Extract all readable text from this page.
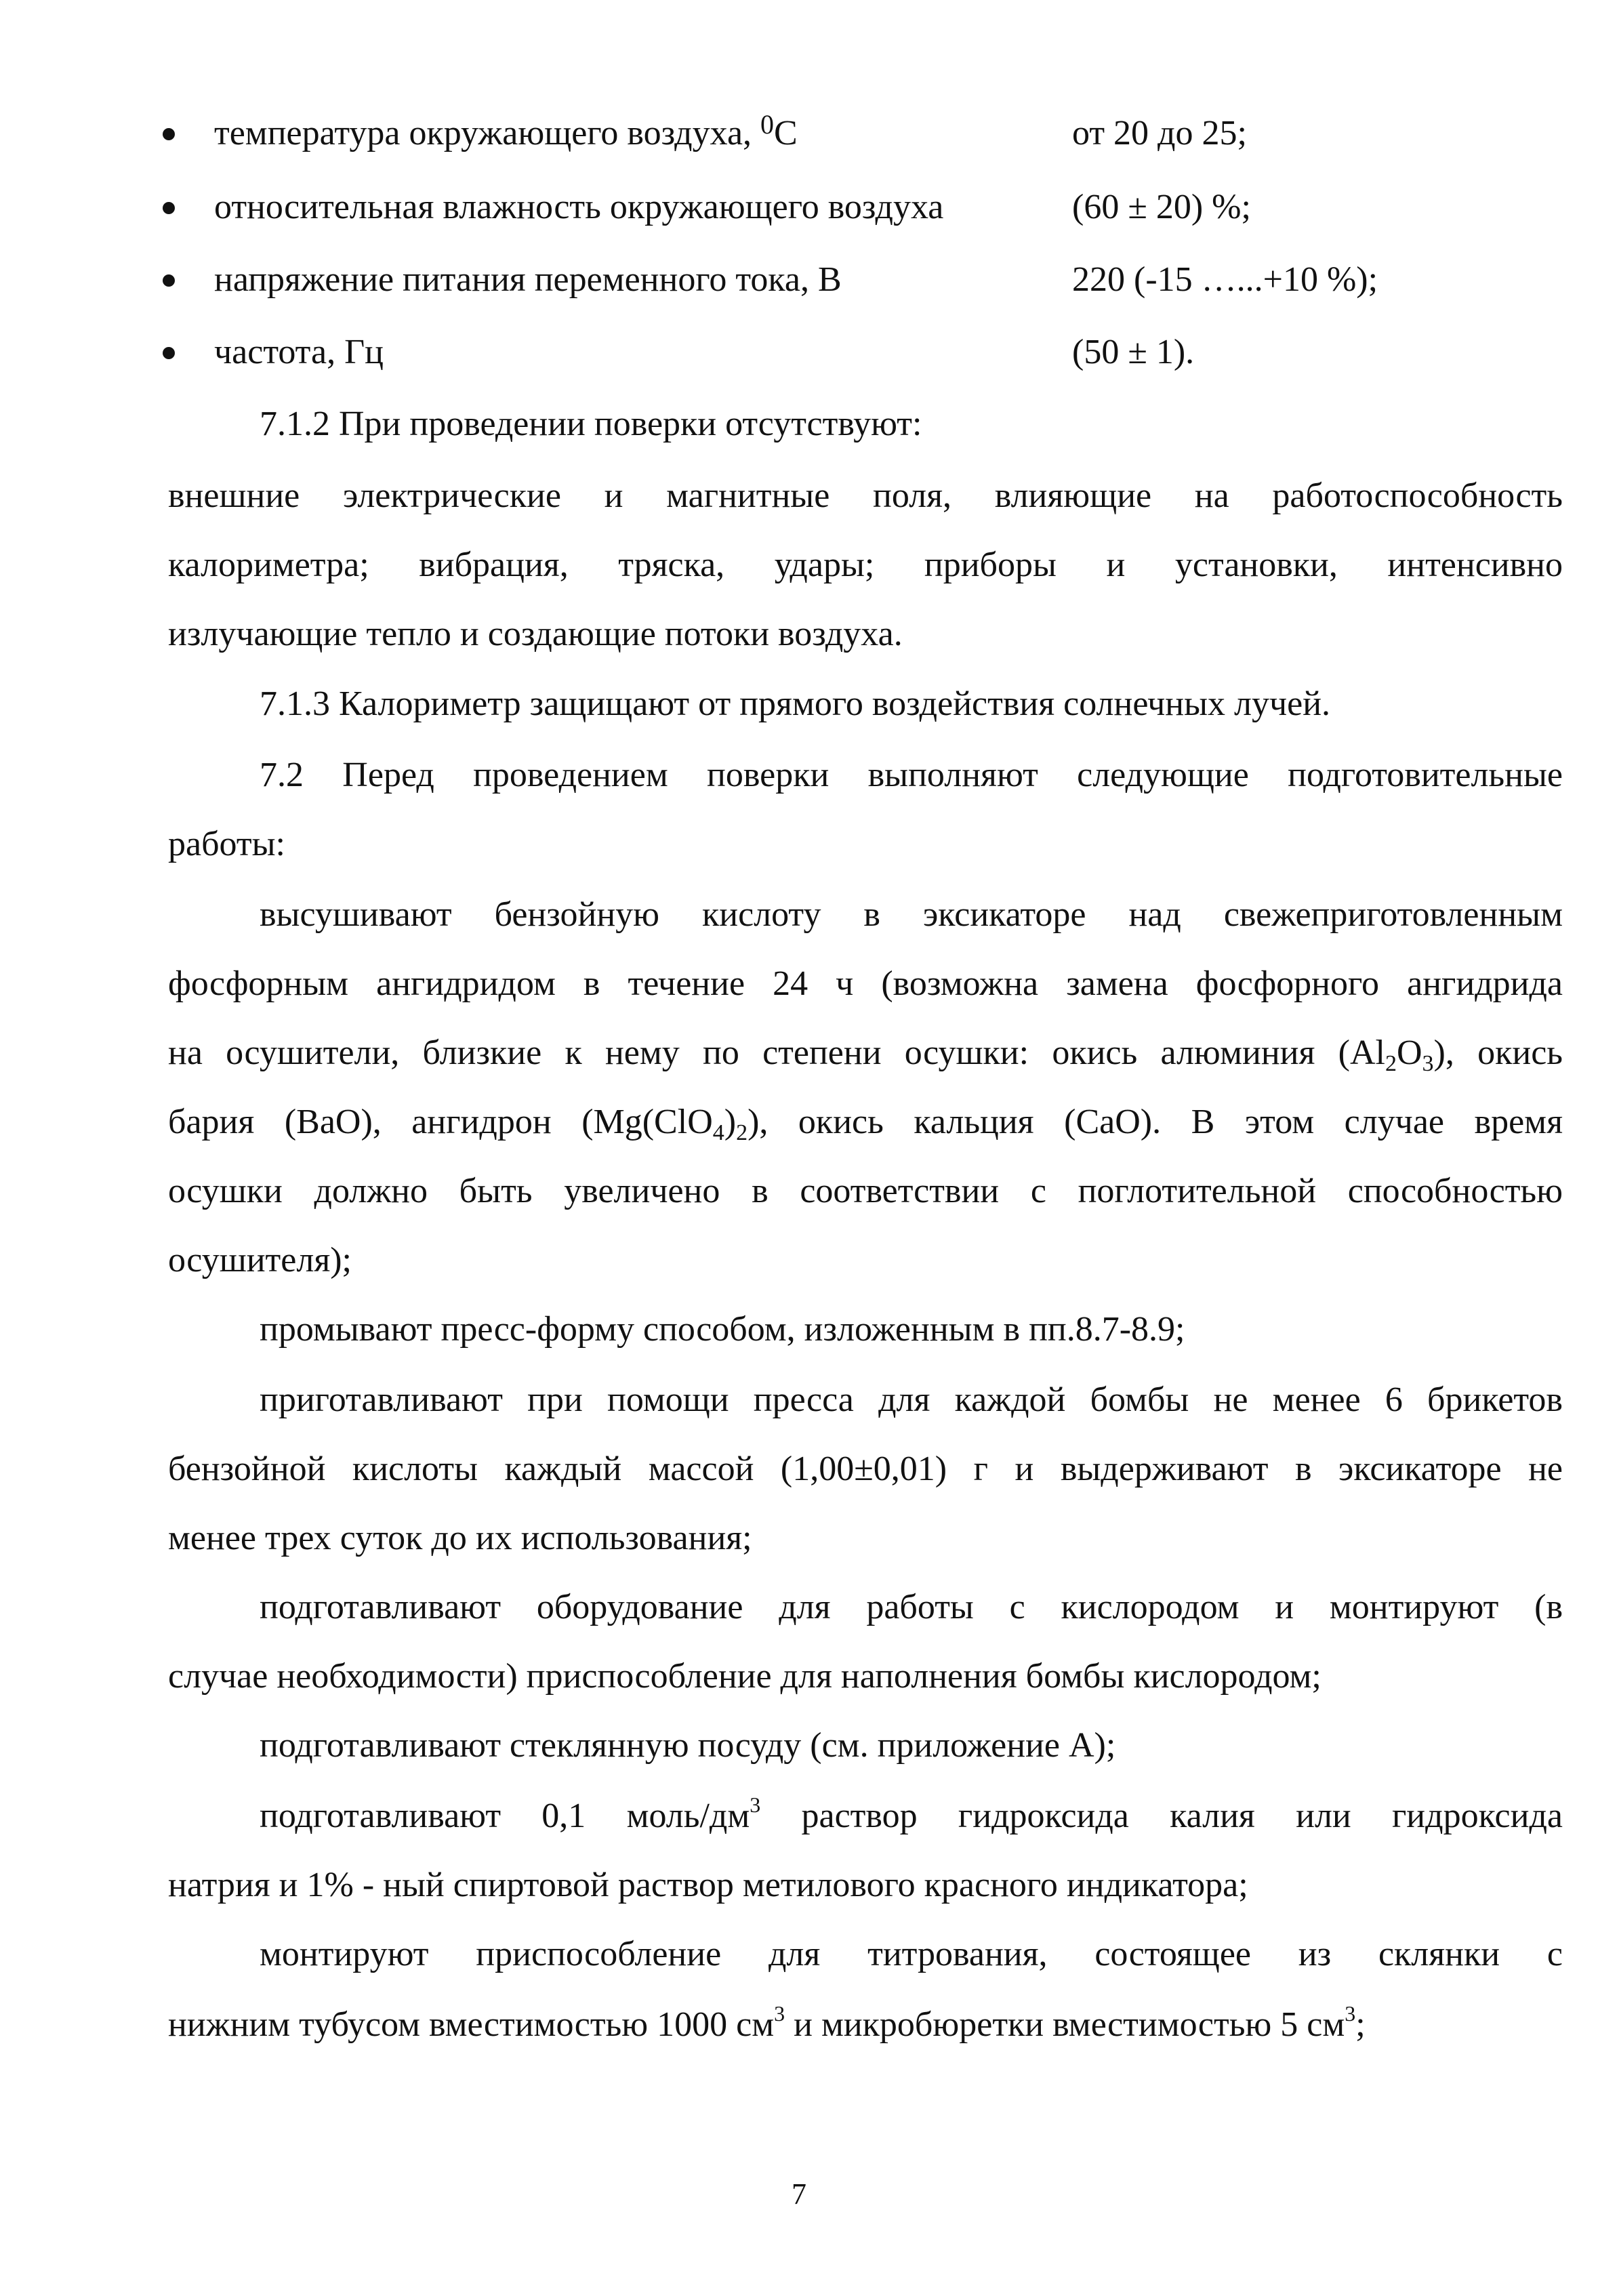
температура окружающего воздуха, $^0$С	от 20 до 25;
относительная влажность окружающего воздуха	(60 ± 20) %;
напряжение питания переменного тока, В	220 (-15 …...+10 %);
частота, Гц	(50 ± 1).

7.1.2 При проведении поверки отсутствуют:

внешние электрические и магнитные поля, влияющие на работоспособность

калориметра; вибрация, тряска, удары; приборы и установки, интенсивно

излучающие тепло и создающие потоки воздуха.

7.1.3 Калориметр защищают от прямого воздействия солнечных лучей.

7.2 Перед проведением поверки выполняют следующие подготовительные

работы:

высушивают бензойную кислоту в эксикаторе над свежеприготовленным

фосфорным ангидридом в течение 24 ч (возможна замена фосфорного ангидрида

на осушители, близкие к нему по степени осушки: окись алюминия $(Al_2O_3)$, окись

бария (BaO), ангидрон $(Mg(ClO_4)_2)$, окись кальция (CaO). В этом случае время

осушки должно быть увеличено в соответствии с поглотительной способностью

осушителя);

промывают пресс-форму способом, изложенным в пп.8.7-8.9;

приготавливают при помощи пресса для каждой бомбы не менее 6 брикетов

бензойной кислоты каждый массой (1,00±0,01) г и выдерживают в эксикаторе не

менее трех суток до их использования;

подготавливают оборудование для работы с кислородом и монтируют (в

случае необходимости) приспособление для наполнения бомбы кислородом;

подготавливают стеклянную посуду (см. приложение А);

подготавливают 0,1 моль/$дм^3$ раствор гидроксида калия или гидроксида

натрия и 1% - ный спиртовой раствор метилового красного индикатора;

монтируют приспособление для титрования, состоящее из склянки с

нижним тубусом вместимостью 1000 $см^3$ и микробюретки вместимостью 5 $см^3$;

7
